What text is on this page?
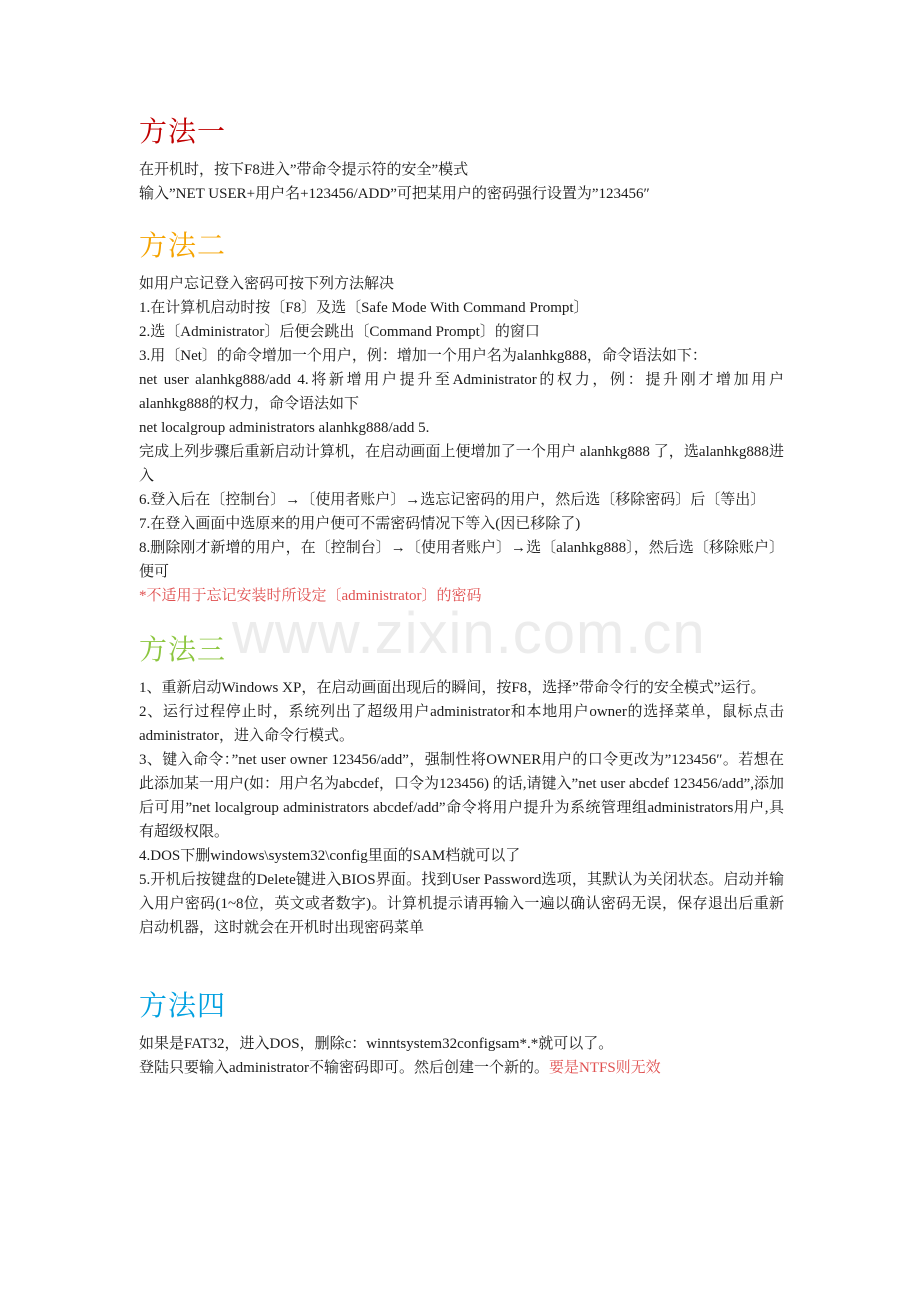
www.zixin.com.cn
方法一

在开机时，按下F8进入”带命令提示符的安全”模式

输入”NET USER+用户名+123456/ADD”可把某用户的密码强行设置为”123456″

方法二

如用户忘记登入密码可按下列方法解决

1.在计算机启动时按〔F8〕及选〔Safe Mode With Command Prompt〕

2.选〔Administrator〕后便会跳出〔Command Prompt〕的窗口

3.用〔Net〕的命令增加一个用户，例：增加一个用户名为alanhkg888，命令语法如下：

net user alanhkg888/add 4.将新增用户提升至Administrator的权力，例：提升刚才增加用户alanhkg888的权力，命令语法如下

net localgroup administrators alanhkg888/add 5.

完成上列步骤后重新启动计算机，在启动画面上便增加了一个用户 alanhkg888 了，选alanhkg888进入

6.登入后在〔控制台〕→〔使用者账户〕→选忘记密码的用户，然后选〔移除密码〕后〔等出〕

7.在登入画面中选原来的用户便可不需密码情况下等入(因已移除了)

8.删除刚才新增的用户，在〔控制台〕→〔使用者账户〕→选〔alanhkg888〕，然后选〔移除账户〕便可

*不适用于忘记安装时所设定〔administrator〕的密码

方法三

1、重新启动Windows XP，在启动画面出现后的瞬间，按F8，选择”带命令行的安全模式”运行。

2、运行过程停止时，系统列出了超级用户administrator和本地用户owner的选择菜单，鼠标点击administrator，进入命令行模式。

3、键入命令：”net user owner 123456/add”，强制性将OWNER用户的口令更改为”123456″。若想在此添加某一用户(如：用户名为abcdef，口令为123456) 的话,请键入”net user abcdef 123456/add”,添加后可用”net localgroup administrators abcdef/add”命令将用户提升为系统管理组administrators用户,具有超级权限。

4.DOS下删windows\system32\config里面的SAM档就可以了

5.开机后按键盘的Delete键进入BIOS界面。找到User Password选项，其默认为关闭状态。启动并输入用户密码(1~8位，英文或者数字)。计算机提示请再输入一遍以确认密码无误，保存退出后重新启动机器，这时就会在开机时出现密码菜单

方法四

如果是FAT32，进入DOS，删除c：winntsystem32configsam*.*就可以了。

登陆只要输入administrator不输密码即可。然后创建一个新的。要是NTFS则无效
